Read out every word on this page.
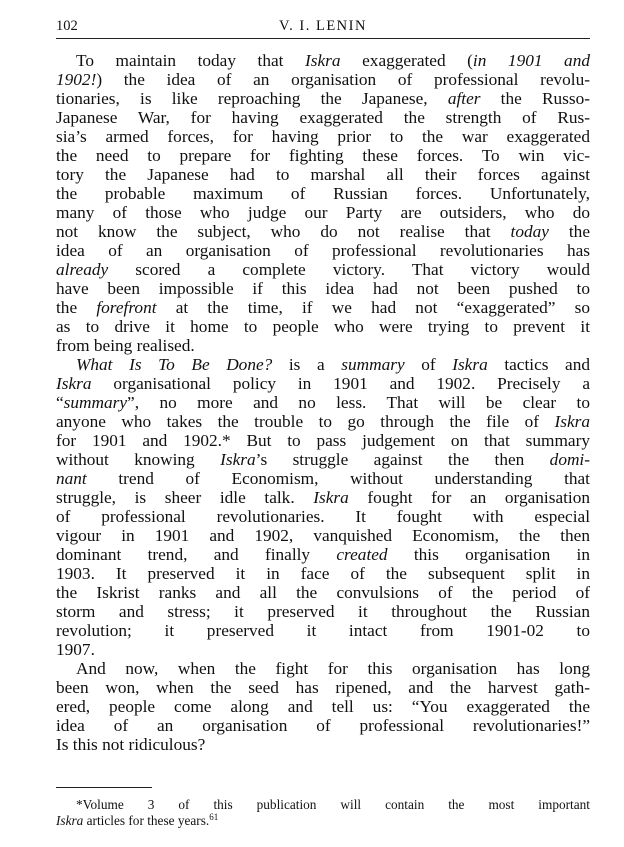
102	V. I. LENIN
To maintain today that Iskra exaggerated (in 1901 and
1902!) the idea of an organisation of professional revolu-
tionaries, is like reproaching the Japanese, after the Russo-
Japanese War, for having exaggerated the strength of Rus-
sia’s armed forces, for having prior to the war exaggerated
the need to prepare for fighting these forces. To win vic-
tory the Japanese had to marshal all their forces against
the probable maximum of Russian forces. Unfortunately,
many of those who judge our Party are outsiders, who do
not know the subject, who do not realise that today the
idea of an organisation of professional revolutionaries has
already scored a complete victory. That victory would
have been impossible if this idea had not been pushed to
the forefront at the time, if we had not “exaggerated” so
as to drive it home to people who were trying to prevent it
from being realised.
What Is To Be Done? is a summary of Iskra tactics and
Iskra organisational policy in 1901 and 1902. Precisely a
“summary”, no more and no less. That will be clear to
anyone who takes the trouble to go through the file of Iskra
for 1901 and 1902.* But to pass judgement on that summary
without knowing Iskra’s struggle against the then domi-
nant trend of Economism, without understanding that
struggle, is sheer idle talk. Iskra fought for an organisation
of professional revolutionaries. It fought with especial
vigour in 1901 and 1902, vanquished Economism, the then
dominant trend, and finally created this organisation in
1903. It preserved it in face of the subsequent split in
the Iskrist ranks and all the convulsions of the period of
storm and stress; it preserved it throughout the Russian
revolution; it preserved it intact from 1901-02 to
1907.
And now, when the fight for this organisation has long
been won, when the seed has ripened, and the harvest gath-
ered, people come along and tell us: “You exaggerated the
idea of an organisation of professional revolutionaries!”
Is this not ridiculous?
*Volume 3 of this publication will contain the most important
Iskra articles for these years.$^{61}$
